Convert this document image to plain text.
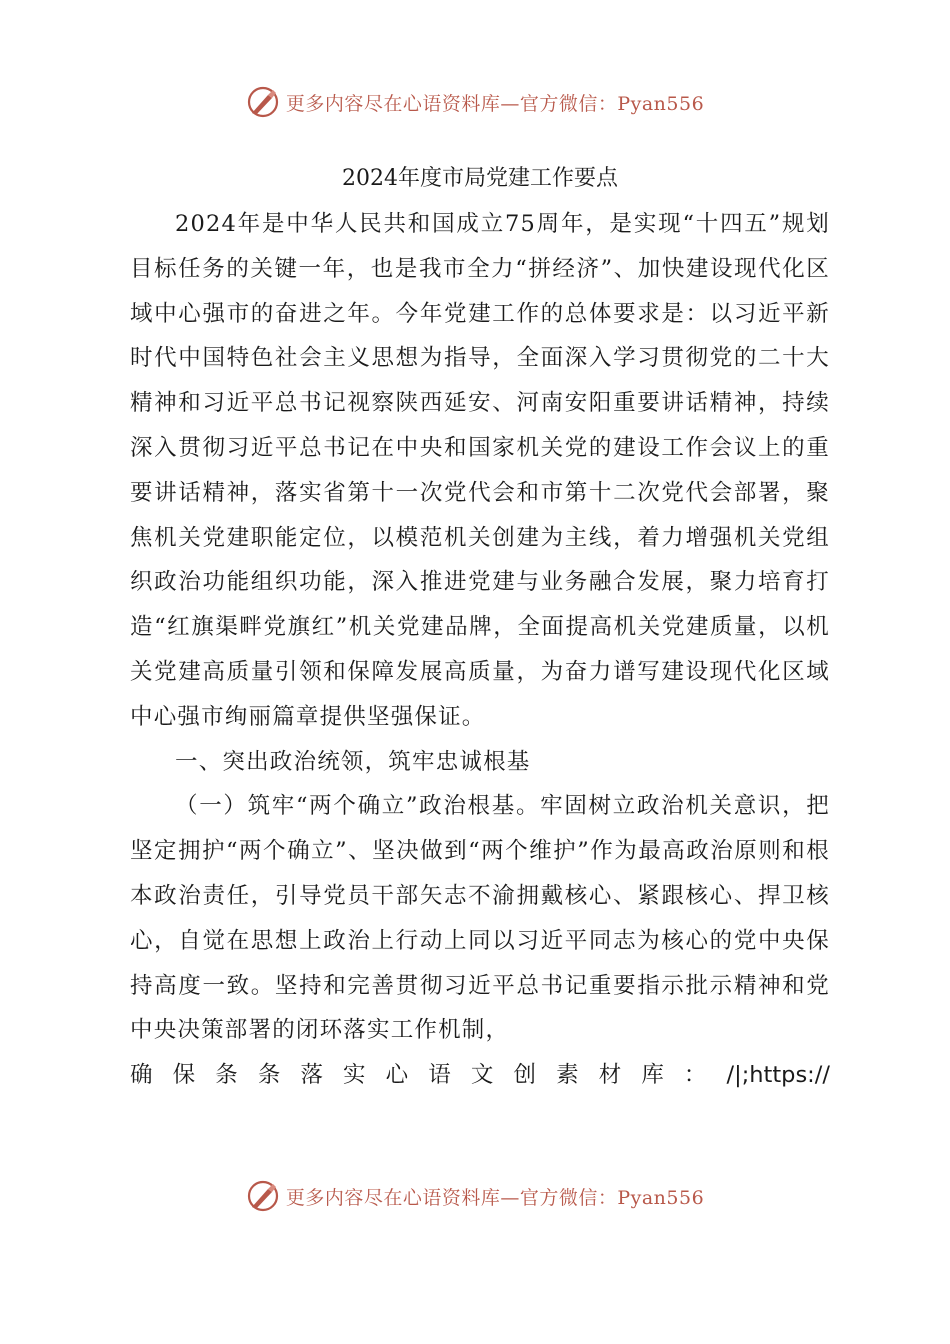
更多内容尽在心语资料库—官方微信：Pyan556
2024年度市局党建工作要点

2024年是中华人民共和国成立75周年，是实现“十四五”规划目标任务的关键一年，也是我市全力“拼经济”、加快建设现代化区域中心强市的奋进之年。今年党建工作的总体要求是：以习近平新时代中国特色社会主义思想为指导，全面深入学习贯彻党的二十大精神和习近平总书记视察陕西延安、河南安阳重要讲话精神，持续深入贯彻习近平总书记在中央和国家机关党的建设工作会议上的重要讲话精神，落实省第十一次党代会和市第十二次党代会部署，聚焦机关党建职能定位，以模范机关创建为主线，着力增强机关党组织政治功能组织功能，深入推进党建与业务融合发展，聚力培育打造“红旗渠畔党旗红”机关党建品牌，全面提高机关党建质量，以机关党建高质量引领和保障发展高质量，为奋力谱写建设现代化区域中心强市绚丽篇章提供坚强保证。

一、突出政治统领，筑牢忠诚根基

（一）筑牢“两个确立”政治根基。牢固树立政治机关意识，把坚定拥护“两个确立”、坚决做到“两个维护”作为最高政治原则和根本政治责任，引导党员干部矢志不渝拥戴核心、紧跟核心、捍卫核心，自觉在思想上政治上行动上同以习近平同志为核心的党中央保持高度一致。坚持和完善贯彻习近平总书记重要指示批示精神和党中央决策部署的闭环落实工作机制，

确 保 条 条 落 实 心 语 文 创 素 材 库 ： /|;https://
更多内容尽在心语资料库—官方微信：Pyan556
